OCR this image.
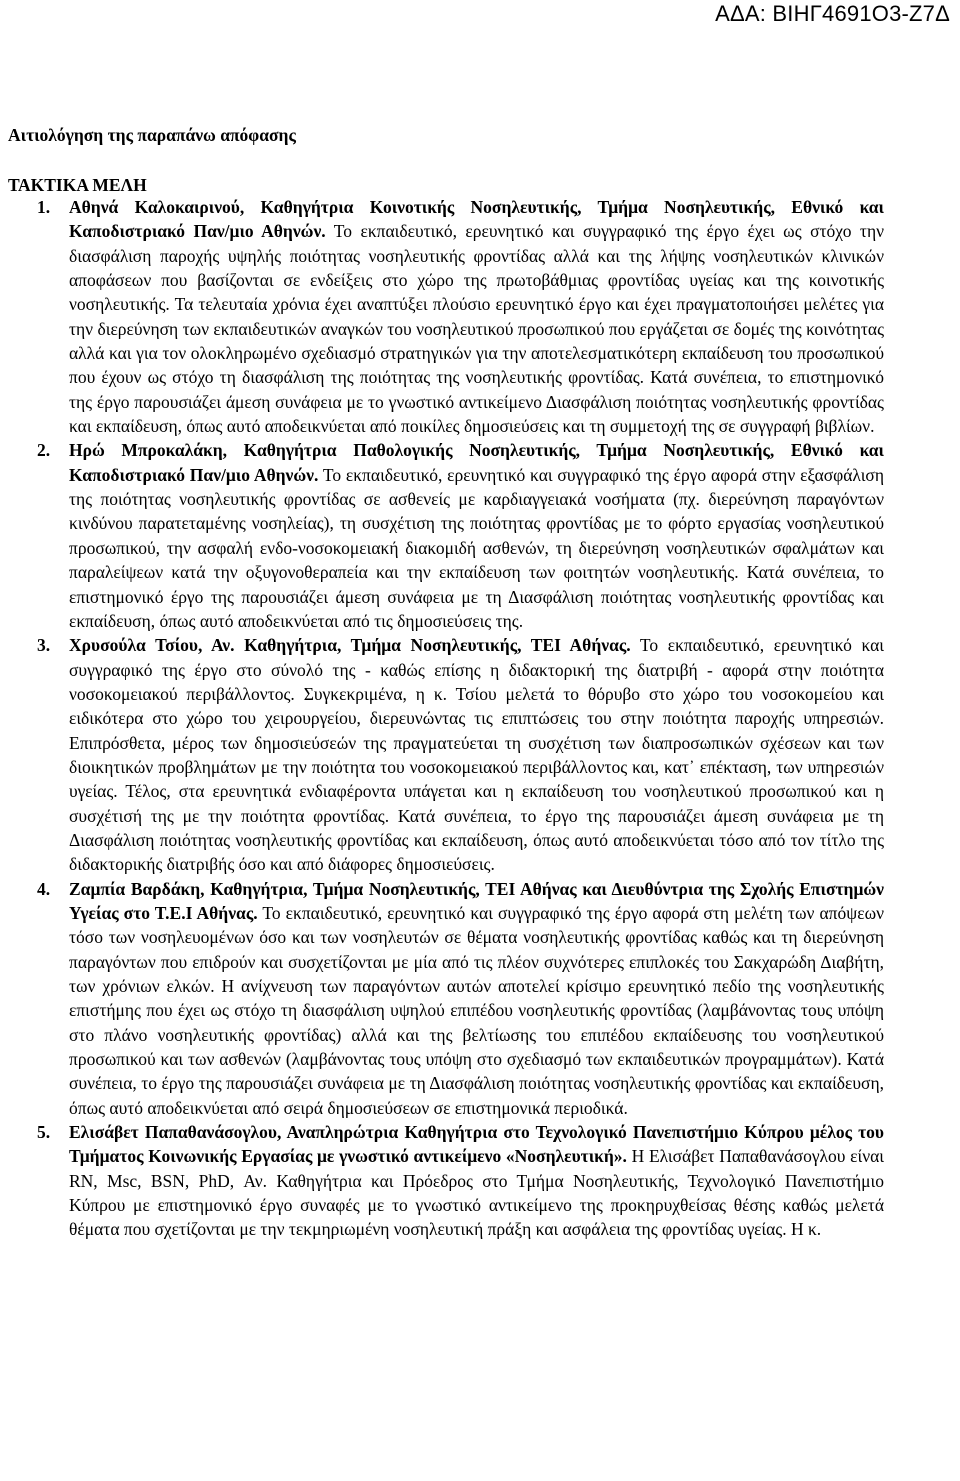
ΑΔΑ: ΒΙΗΓ4691Ο3-Ζ7Δ
Αιτιολόγηση της παραπάνω απόφασης
ΤΑΚΤΙΚΑ ΜΕΛΗ
1. Αθηνά Καλοκαιρινού, Καθηγήτρια Κοινοτικής Νοσηλευτικής, Τμήμα Νοσηλευτικής, Εθνικό και Καποδιστριακό Παν/μιο Αθηνών. Το εκπαιδευτικό, ερευνητικό και συγγραφικό της έργο έχει ως στόχο την διασφάλιση παροχής υψηλής ποιότητας νοσηλευτικής φροντίδας αλλά και της λήψης νοσηλευτικών κλινικών αποφάσεων που βασίζονται σε ενδείξεις στο χώρο της πρωτοβάθμιας φροντίδας υγείας και της κοινοτικής νοσηλευτικής. Τα τελευταία χρόνια έχει αναπτύξει πλούσιο ερευνητικό έργο και έχει πραγματοποιήσει μελέτες για την διερεύνηση των εκπαιδευτικών αναγκών του νοσηλευτικού προσωπικού που εργάζεται σε δομές της κοινότητας αλλά και για τον ολοκληρωμένο σχεδιασμό στρατηγικών για την αποτελεσματικότερη εκπαίδευση του προσωπικού που έχουν ως στόχο τη διασφάλιση της ποιότητας της νοσηλευτικής φροντίδας. Κατά συνέπεια, το επιστημονικό της έργο παρουσιάζει άμεση συνάφεια με το γνωστικό αντικείμενο Διασφάλιση ποιότητας νοσηλευτικής φροντίδας και εκπαίδευση, όπως αυτό αποδεικνύεται από ποικίλες δημοσιεύσεις και τη συμμετοχή της σε συγγραφή βιβλίων.
2. Ηρώ Μπροκαλάκη, Καθηγήτρια Παθολογικής Νοσηλευτικής, Τμήμα Νοσηλευτικής, Εθνικό και Καποδιστριακό Παν/μιο Αθηνών. Το εκπαιδευτικό, ερευνητικό και συγγραφικό της έργο αφορά στην εξασφάλιση της ποιότητας νοσηλευτικής φροντίδας σε ασθενείς με καρδιαγγειακά νοσήματα (πχ. διερεύνηση παραγόντων κινδύνου παρατεταμένης νοσηλείας), τη συσχέτιση της ποιότητας φροντίδας με το φόρτο εργασίας νοσηλευτικού προσωπικού, την ασφαλή ενδο-νοσοκομειακή διακομιδή ασθενών, τη διερεύνηση νοσηλευτικών σφαλμάτων και παραλείψεων κατά την οξυγονοθεραπεία και την εκπαίδευση των φοιτητών νοσηλευτικής. Κατά συνέπεια, το επιστημονικό έργο της παρουσιάζει άμεση συνάφεια με τη Διασφάλιση ποιότητας νοσηλευτικής φροντίδας και εκπαίδευση, όπως αυτό αποδεικνύεται από τις δημοσιεύσεις της.
3. Χρυσούλα Τσίου, Αν. Καθηγήτρια, Τμήμα Νοσηλευτικής, ΤΕΙ Αθήνας. Το εκπαιδευτικό, ερευνητικό και συγγραφικό της έργο στο σύνολό της - καθώς επίσης η διδακτορική της διατριβή - αφορά στην ποιότητα νοσοκομειακού περιβάλλοντος. Συγκεκριμένα, η κ. Τσίου μελετά το θόρυβο στο χώρο του νοσοκομείου και ειδικότερα στο χώρο του χειρουργείου, διερευνώντας τις επιπτώσεις του στην ποιότητα παροχής υπηρεσιών. Επιπρόσθετα, μέρος των δημοσιεύσεών της πραγματεύεται τη συσχέτιση των διαπροσωπικών σχέσεων και των διοικητικών προβλημάτων με την ποιότητα του νοσοκομειακού περιβάλλοντος και, κατ᾽ επέκταση, των υπηρεσιών υγείας. Τέλος, στα ερευνητικά ενδιαφέροντα υπάγεται και η εκπαίδευση του νοσηλευτικού προσωπικού και η συσχέτισή της με την ποιότητα φροντίδας. Κατά συνέπεια, το έργο της παρουσιάζει άμεση συνάφεια με τη Διασφάλιση ποιότητας νοσηλευτικής φροντίδας και εκπαίδευση, όπως αυτό αποδεικνύεται τόσο από τον τίτλο της διδακτορικής διατριβής όσο και από διάφορες δημοσιεύσεις.
4. Ζαμπία Βαρδάκη, Καθηγήτρια, Τμήμα Νοσηλευτικής, ΤΕΙ Αθήνας και Διευθύντρια της Σχολής Επιστημών Υγείας στο Τ.Ε.Ι Αθήνας. Το εκπαιδευτικό, ερευνητικό και συγγραφικό της έργο αφορά στη μελέτη των απόψεων τόσο των νοσηλευομένων όσο και των νοσηλευτών σε θέματα νοσηλευτικής φροντίδας καθώς και τη διερεύνηση παραγόντων που επιδρούν και συσχετίζονται με μία από τις πλέον συχνότερες επιπλοκές του Σακχαρώδη Διαβήτη, των χρόνιων ελκών. Η ανίχνευση των παραγόντων αυτών αποτελεί κρίσιμο ερευνητικό πεδίο της νοσηλευτικής επιστήμης που έχει ως στόχο τη διασφάλιση υψηλού επιπέδου νοσηλευτικής φροντίδας (λαμβάνοντας τους υπόψη στο πλάνο νοσηλευτικής φροντίδας) αλλά και της βελτίωσης του επιπέδου εκπαίδευσης του νοσηλευτικού προσωπικού και των ασθενών (λαμβάνοντας τους υπόψη στο σχεδιασμό των εκπαιδευτικών προγραμμάτων). Κατά συνέπεια, το έργο της παρουσιάζει συνάφεια με τη Διασφάλιση ποιότητας νοσηλευτικής φροντίδας και εκπαίδευση, όπως αυτό αποδεικνύεται από σειρά δημοσιεύσεων σε επιστημονικά περιοδικά.
5. Ελισάβετ Παπαθανάσογλου, Αναπληρώτρια Καθηγήτρια στο Τεχνολογικό Πανεπιστήμιο Κύπρου μέλος του Τμήματος Κοινωνικής Εργασίας με γνωστικό αντικείμενο «Νοσηλευτική». Η Ελισάβετ Παπαθανάσογλου είναι RN, Msc, BSN, PhD, Αν. Καθηγήτρια και Πρόεδρος στο Τμήμα Νοσηλευτικής, Τεχνολογικό Πανεπιστήμιο Κύπρου με επιστημονικό έργο συναφές με το γνωστικό αντικείμενο της προκηρυχθείσας θέσης καθώς μελετά θέματα που σχετίζονται με την τεκμηριωμένη νοσηλευτική πράξη και ασφάλεια της φροντίδας υγείας. Η κ.
